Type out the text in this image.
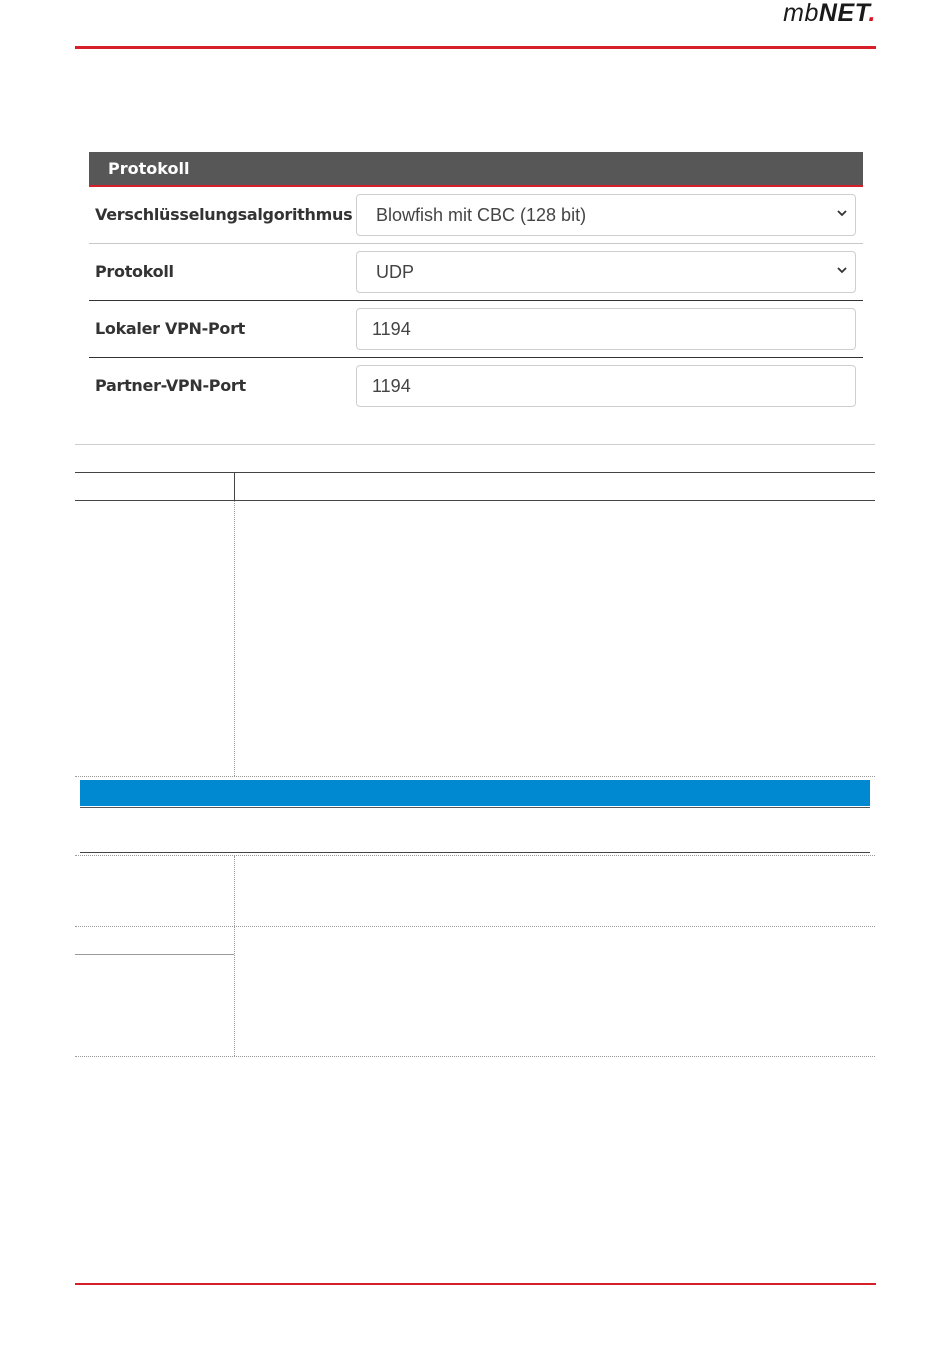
mbNET.
Protokoll
Verschlüsselungsalgorithmus	Blowfish mit CBC (128 bit)
Protokoll	UDP
Lokaler VPN-Port	1194
Partner-VPN-Port	1194
